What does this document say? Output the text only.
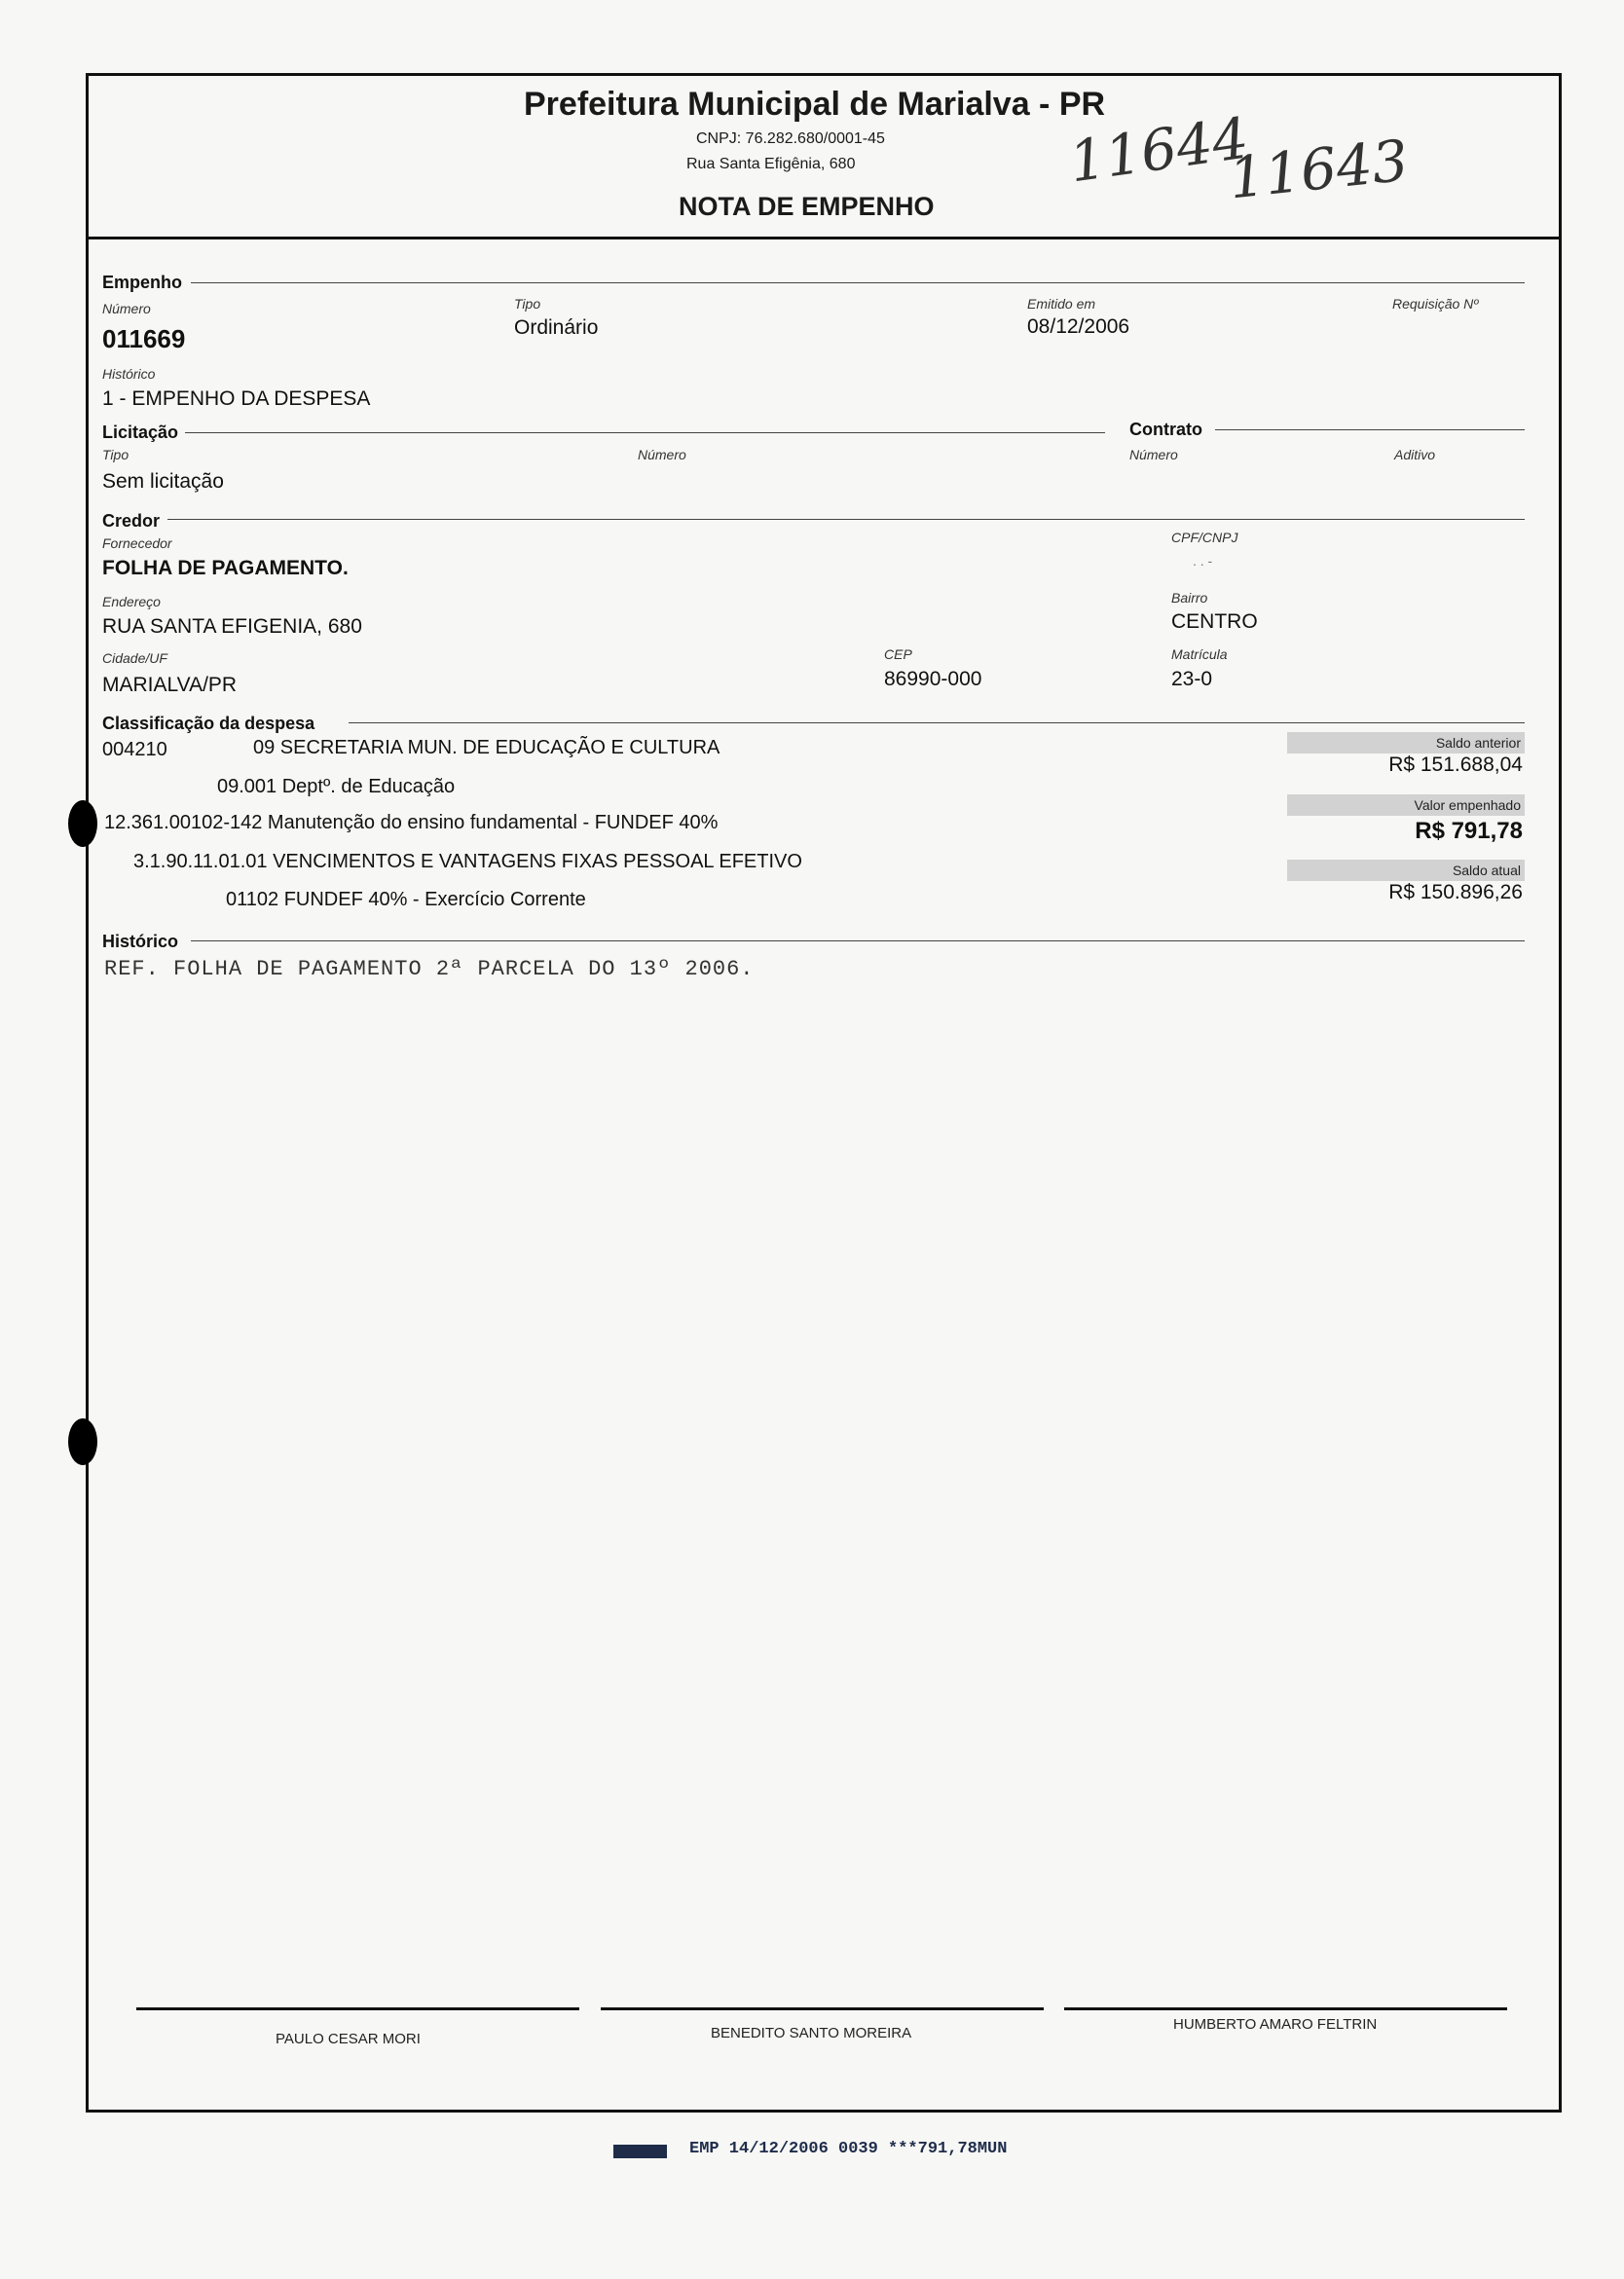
Prefeitura Municipal de Marialva - PR
CNPJ: 76.282.680/0001-45
Rua Santa Efigênia, 680
NOTA DE EMPENHO
11644
11643
Empenho
Número
011669
Tipo
Ordinário
Emitido em
08/12/2006
Requisição Nº
Histórico
1 - EMPENHO DA DESPESA
Licitação	Contrato
Tipo
Sem licitação
Número	Número	Aditivo
Credor
Fornecedor
FOLHA DE PAGAMENTO.
CPF/CNPJ
. . -
Endereço
RUA SANTA EFIGENIA, 680
Bairro
CENTRO
Cidade/UF
MARIALVA/PR
CEP
86990-000
Matrícula
23-0
Classificação da despesa
004210	09 SECRETARIA MUN. DE EDUCAÇÃO E CULTURA
09.001 Deptº. de Educação
12.361.00102-142 Manutenção do ensino fundamental - FUNDEF 40%
3.1.90.11.01.01 VENCIMENTOS E VANTAGENS FIXAS PESSOAL EFETIVO
01102 FUNDEF 40% - Exercício Corrente
Saldo anterior
R$ 151.688,04
Valor empenhado
R$ 791,78
Saldo atual
R$ 150.896,26
Histórico
REF. FOLHA DE PAGAMENTO 2ª PARCELA DO 13º 2006.
PAULO CESAR MORI	BENEDITO SANTO MOREIRA
HUMBERTO AMARO FELTRIN
EMP 14/12/2006 0039 ***791,78MUN
